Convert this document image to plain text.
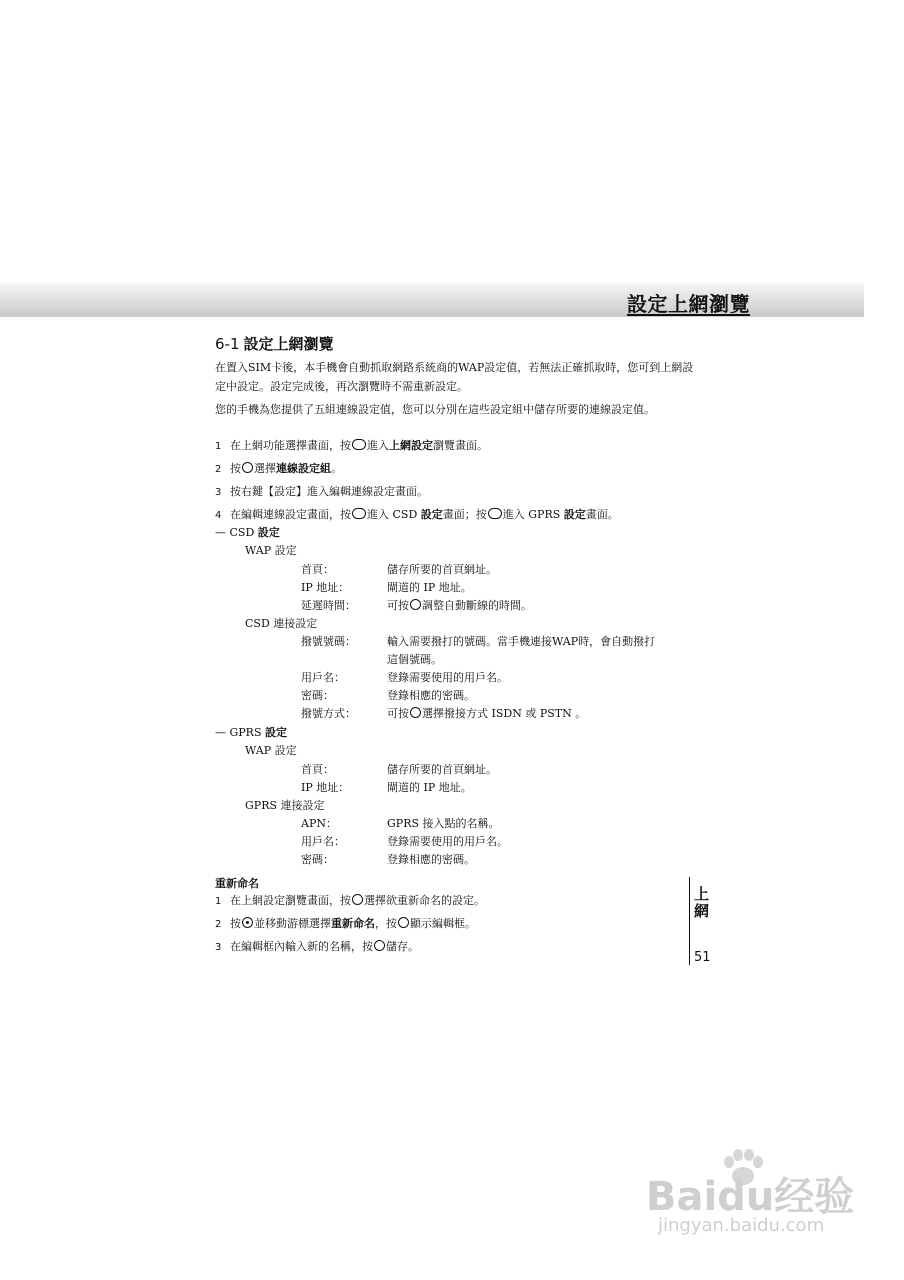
設定上網瀏覽
6-1 設定上網瀏覽
在置入SIM卡後，本手機會自動抓取網路系統商的WAP設定值，若無法正確抓取時，您可到上網設定中設定。設定完成後，再次瀏覽時不需重新設定。
您的手機為您提供了五組連線設定值，您可以分別在這些設定組中儲存所要的連線設定值。
1 在上網功能選擇畫面，按 進入上網設定瀏覽畫面。
2 按 選擇連線設定組。
3 按右鍵【設定】進入編輯連線設定畫面。
4 在編輯連線設定畫面，按 進入 CSD 設定畫面；按 進入 GPRS 設定畫面。
— CSD 設定
WAP 設定
首頁：	儲存所要的首頁網址。
IP 地址：	閘道的 IP 地址。
延遲時間：	可按 調整自動斷線的時間。
CSD 連接設定
撥號號碼：	輸入需要撥打的號碼。當手機連接WAP時，會自動撥打
這個號碼。
用戶名：	登錄需要使用的用戶名。
密碼：	登錄相應的密碼。
撥號方式：	可按 選擇撥接方式 ISDN 或 PSTN 。
— GPRS 設定
WAP 設定
首頁：	儲存所要的首頁網址。
IP 地址：	閘道的 IP 地址。
GPRS 連接設定
APN：	GPRS 接入點的名稱。
用戶名：	登錄需要使用的用戶名。
密碼：	登錄相應的密碼。
重新命名
1 在上網設定瀏覽畫面，按 選擇欲重新命名的設定。
2 按 並移動游標選擇重新命名，按 顯示編輯框。
3 在編輯框內輸入新的名稱，按 儲存。
上網
51
Baidu经验
jingyan.baidu.com
